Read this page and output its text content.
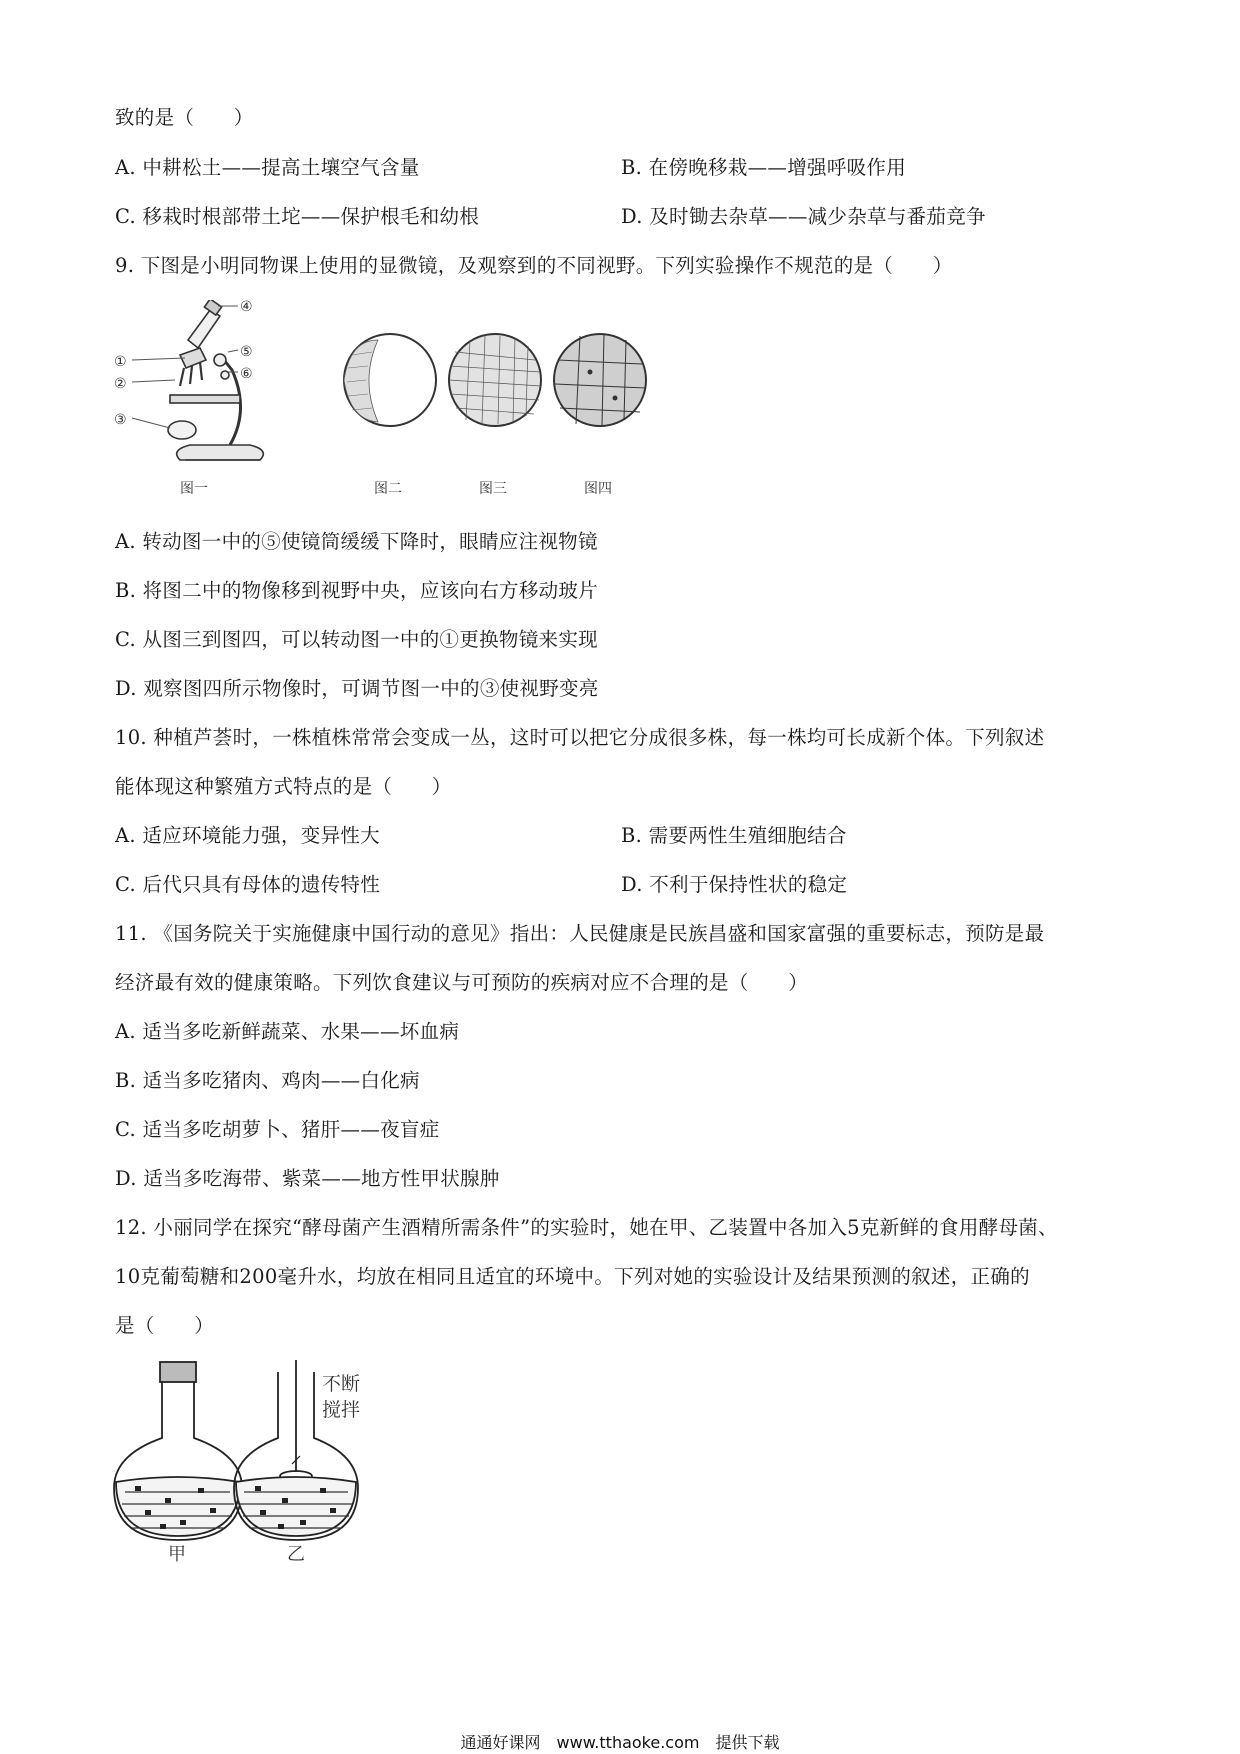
致的是（　　）
A. 中耕松土——提高土壤空气含量	B. 在傍晚移栽——增强呼吸作用
C. 移栽时根部带土坨——保护根毛和幼根	D. 及时锄去杂草——减少杂草与番茄竞争
9. 下图是小明同物课上使用的显微镜，及观察到的不同视野。下列实验操作不规范的是（　　）
①
②
③
④
⑤
⑥
图一	图二	图三	图四
A. 转动图一中的⑤使镜筒缓缓下降时，眼睛应注视物镜
B. 将图二中的物像移到视野中央，应该向右方移动玻片
C. 从图三到图四，可以转动图一中的①更换物镜来实现
D. 观察图四所示物像时，可调节图一中的③使视野变亮
10. 种植芦荟时，一株植株常常会变成一丛，这时可以把它分成很多株，每一株均可长成新个体。下列叙述
能体现这种繁殖方式特点的是（　　）
A. 适应环境能力强，变异性大	B. 需要两性生殖细胞结合
C. 后代只具有母体的遗传特性	D. 不利于保持性状的稳定
11. 《国务院关于实施健康中国行动的意见》指出：人民健康是民族昌盛和国家富强的重要标志，预防是最
经济最有效的健康策略。下列饮食建议与可预防的疾病对应不合理的是（　　）
A. 适当多吃新鲜蔬菜、水果——坏血病
B. 适当多吃猪肉、鸡肉——白化病
C. 适当多吃胡萝卜、猪肝——夜盲症
D. 适当多吃海带、紫菜——地方性甲状腺肿
12. 小丽同学在探究“酵母菌产生酒精所需条件”的实验时，她在甲、乙装置中各加入5克新鲜的食用酵母菌、
10克葡萄糖和200毫升水，均放在相同且适宜的环境中。下列对她的实验设计及结果预测的叙述，正确的
是（　　）
甲
不断
搅拌
乙
通通好课网　www.tthaoke.com　提供下载
